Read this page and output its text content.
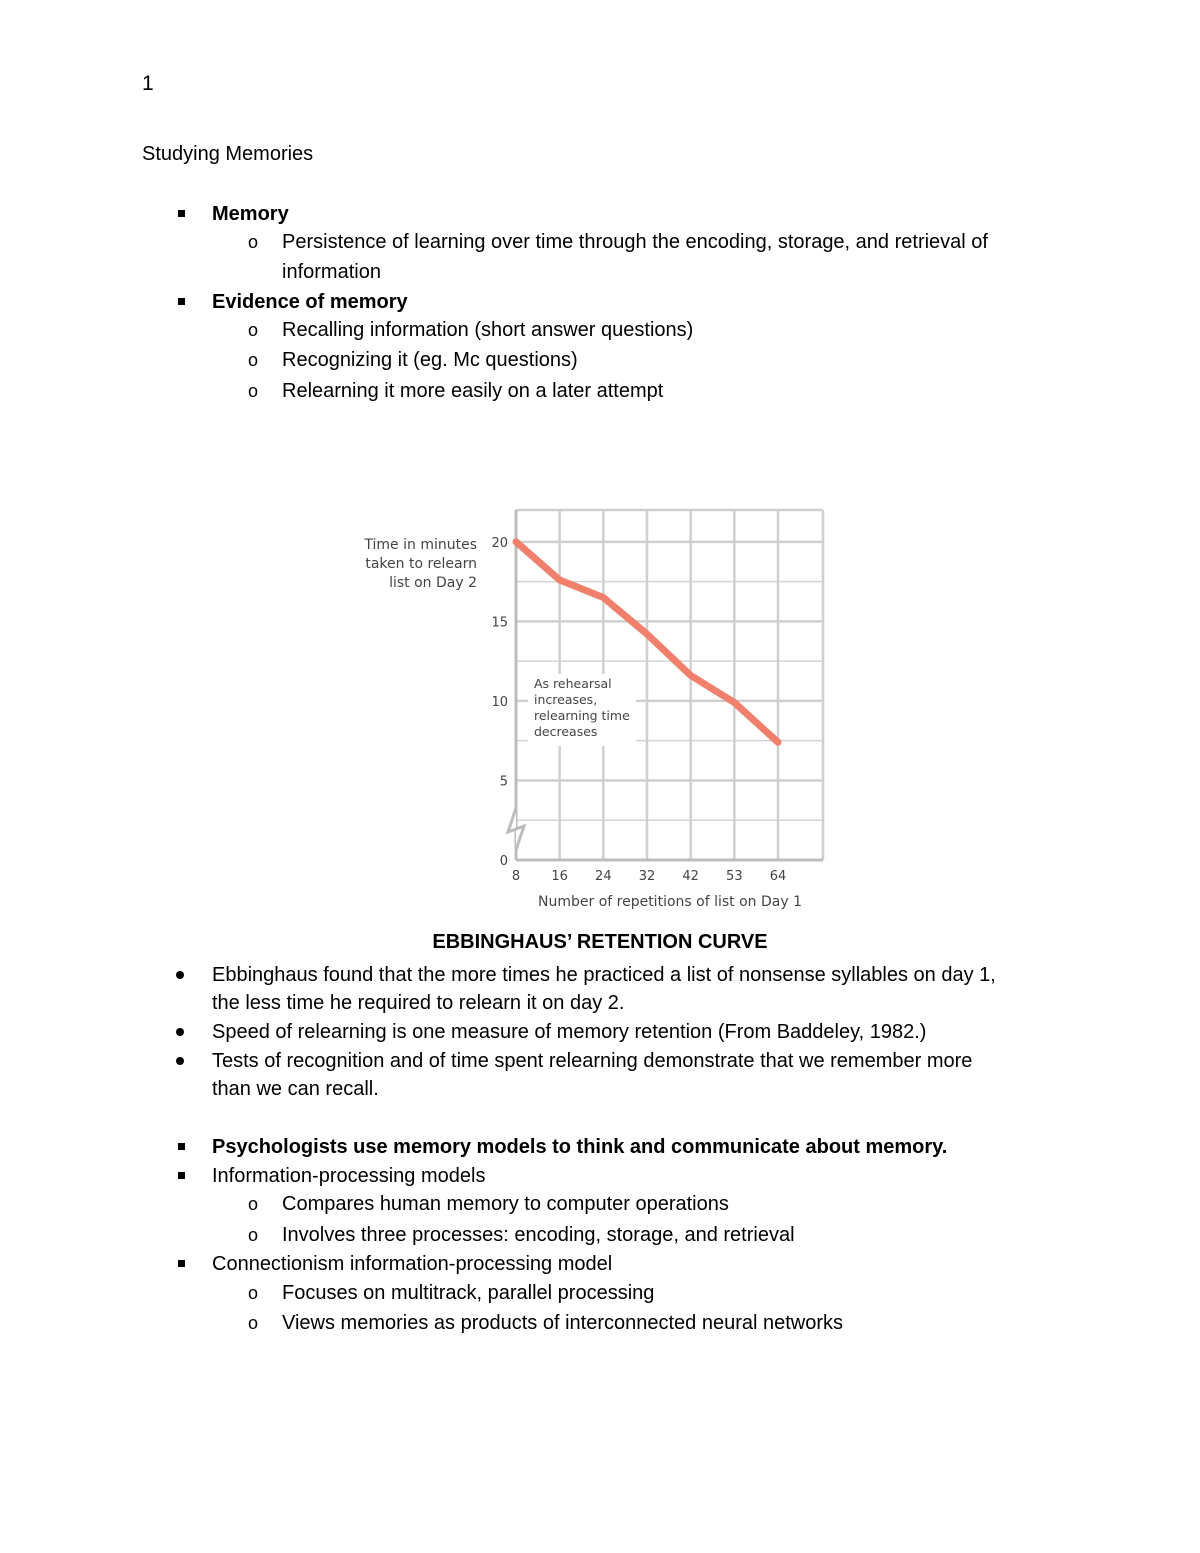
1
Studying Memories
Memory
o Persistence of learning over time through the encoding, storage, and retrieval of
information
Evidence of memory
o Recalling information (short answer questions)
o Recognizing it (eg. Mc questions)
o Relearning it more easily on a later attempt
0
5
10
15
20
8 16 24 32 42 53 64
Number of repetitions of list on Day 1
Time in minutes
taken to relearn
list on Day 2
As rehearsal
increases,
relearning time
decreases
EBBINGHAUS’ RETENTION CURVE
Ebbinghaus found that the more times he practiced a list of nonsense syllables on day 1,
the less time he required to relearn it on day 2.
Speed of relearning is one measure of memory retention (From Baddeley, 1982.)
Tests of recognition and of time spent relearning demonstrate that we remember more
than we can recall.
Psychologists use memory models to think and communicate about memory.
Information-processing models
o Compares human memory to computer operations
o Involves three processes: encoding, storage, and retrieval
Connectionism information-processing model
o Focuses on multitrack, parallel processing
o Views memories as products of interconnected neural networks
